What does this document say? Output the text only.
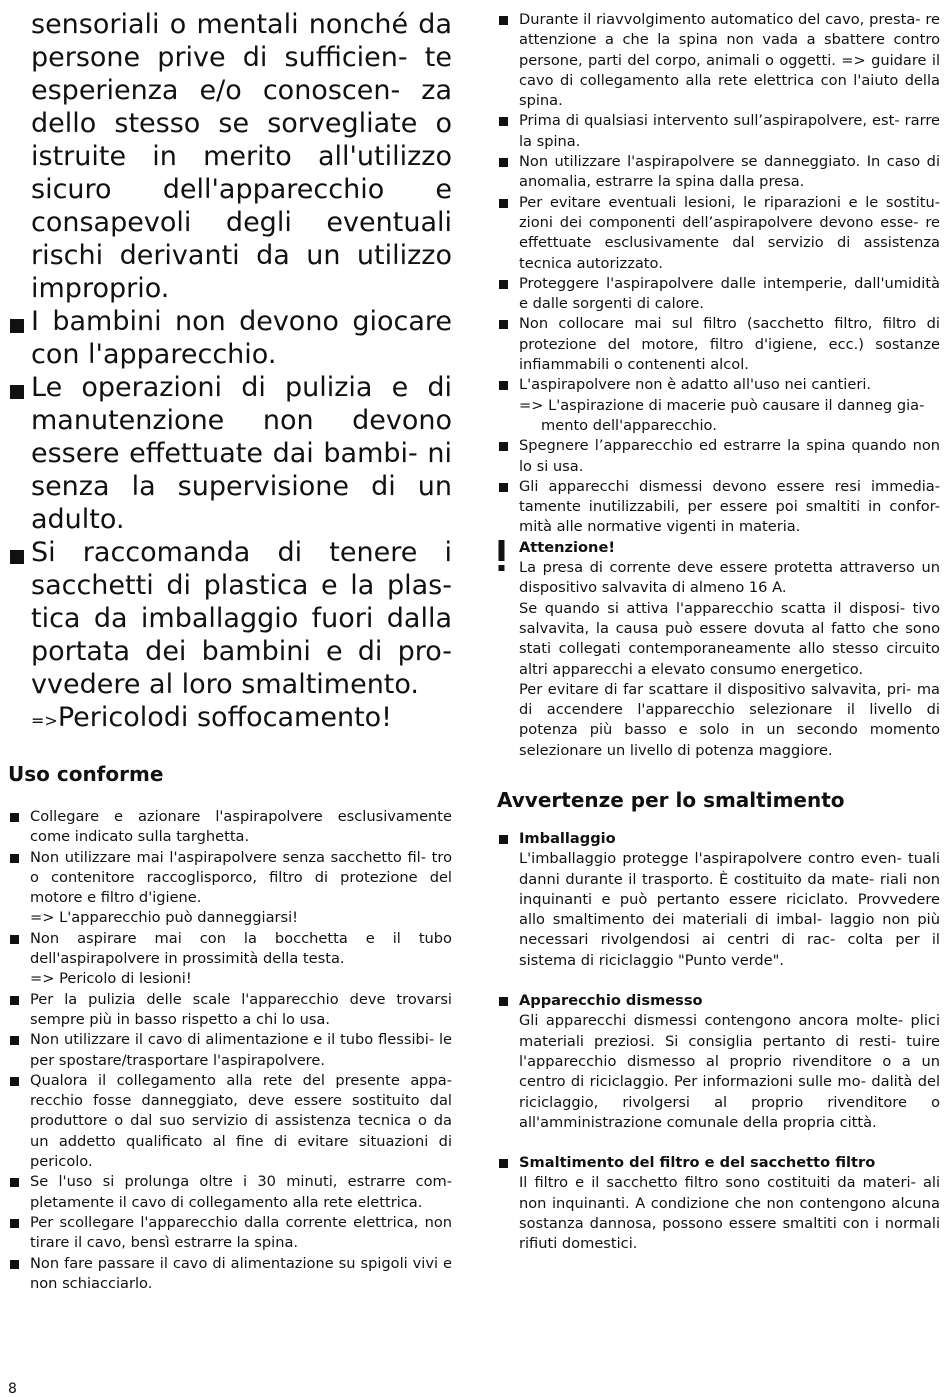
sensoriali o mentali nonché da persone prive di sufficien- te esperienza e/o conoscen- za dello stesso se sorvegliate o istruite in merito all'utilizzo sicuro dell'apparecchio e consapevoli degli eventuali rischi derivanti da un utilizzo improprio.

I bambini non devono giocare con l'apparecchio.

Le operazioni di pulizia e di manutenzione non devono essere effettuate dai bambi- ni senza la supervisione di un adulto.

Si raccomanda di tenere i sacchetti di plastica e la plas- tica da imballaggio fuori dalla portata dei bambini e di pro- vvedere al loro smaltimento.

=>Pericolodi soffocamento!

Uso conforme
Collegare e azionare l'aspirapolvere esclusivamente come indicato sulla targhetta.
Non utilizzare mai l'aspirapolvere senza sacchetto fil- tro o contenitore raccoglisporco, filtro di protezione del motore e filtro d'igiene.
=> L'apparecchio può danneggiarsi!
Non aspirare mai con la bocchetta e il tubo dell'aspirapolvere in prossimità della testa.
=> Pericolo di lesioni!
Per la pulizia delle scale l'apparecchio deve trovarsi sempre più in basso rispetto a chi lo usa.
Non utilizzare il cavo di alimentazione e il tubo flessibi- le per spostare/trasportare l'aspirapolvere.
Qualora il collegamento alla rete del presente appa- recchio fosse danneggiato, deve essere sostituito dal produttore o dal suo servizio di assistenza tecnica o da un addetto qualificato al fine di evitare situazioni di pericolo.
Se l'uso si prolunga oltre i 30 minuti, estrarre com- pletamente il cavo di collegamento alla rete elettrica.
Per scollegare l'apparecchio dalla corrente elettrica, non tirare il cavo, bensì estrarre la spina.
Non fare passare il cavo di alimentazione su spigoli vivi e non schiacciarlo.
Durante il riavvolgimento automatico del cavo, presta- re attenzione a che la spina non vada a sbattere contro persone, parti del corpo, animali o oggetti. => guidare il cavo di collegamento alla rete elettrica con l'aiuto della spina.
Prima di qualsiasi intervento sull’aspirapolvere, est- rarre la spina.
Non utilizzare l'aspirapolvere se danneggiato. In caso di anomalia, estrarre la spina dalla presa.
Per evitare eventuali lesioni, le riparazioni e le sostitu- zioni dei componenti dell’aspirapolvere devono esse- re effettuate esclusivamente dal servizio di assistenza tecnica autorizzato.
Proteggere l'aspirapolvere dalle intemperie, dall'umidità e dalle sorgenti di calore.
Non collocare mai sul filtro (sacchetto filtro, filtro di protezione del motore, filtro d'igiene, ecc.) sostanze infiammabili o contenenti alcol.
L'aspirapolvere non è adatto all'uso nei cantieri.
=> L'aspirazione di macerie può causare il danneg gia- mento dell'apparecchio.
Spegnere l’apparecchio ed estrarre la spina quando non lo si usa.
Gli apparecchi dismessi devono essere resi immedia- tamente inutilizzabili, per essere poi smaltiti in confor- mità alle normative vigenti in materia.

Attenzione!

La presa di corrente deve essere protetta attraverso un dispositivo salvavita di almeno 16 A.

Se quando si attiva l'apparecchio scatta il disposi- tivo salvavita, la causa può essere dovuta al fatto che sono stati collegati contemporaneamente allo stesso circuito altri apparecchi a elevato consumo energetico.

Per evitare di far scattare il dispositivo salvavita, pri- ma di accendere l'apparecchio selezionare il livello di potenza più basso e solo in un secondo momento selezionare un livello di potenza maggiore.

Avvertenze per lo smaltimento

Imballaggio

L'imballaggio protegge l'aspirapolvere contro even- tuali danni durante il trasporto. È costituito da mate- riali non inquinanti e può pertanto essere riciclato. Provvedere allo smaltimento dei materiali di imbal- laggio non più necessari rivolgendosi ai centri di rac- colta per il sistema di riciclaggio "Punto verde".

Apparecchio dismesso

Gli apparecchi dismessi contengono ancora molte- plici materiali preziosi. Si consiglia pertanto di resti- tuire l'apparecchio dismesso al proprio rivenditore o a un centro di riciclaggio. Per informazioni sulle mo- dalità del riciclaggio, rivolgersi al proprio rivenditore o all'amministrazione comunale della propria città.

Smaltimento del filtro e del sacchetto filtro

Il filtro e il sacchetto filtro sono costituiti da materi- ali non inquinanti. A condizione che non contengono alcuna sostanza dannosa, possono essere smaltiti con i normali rifiuti domestici.

8
